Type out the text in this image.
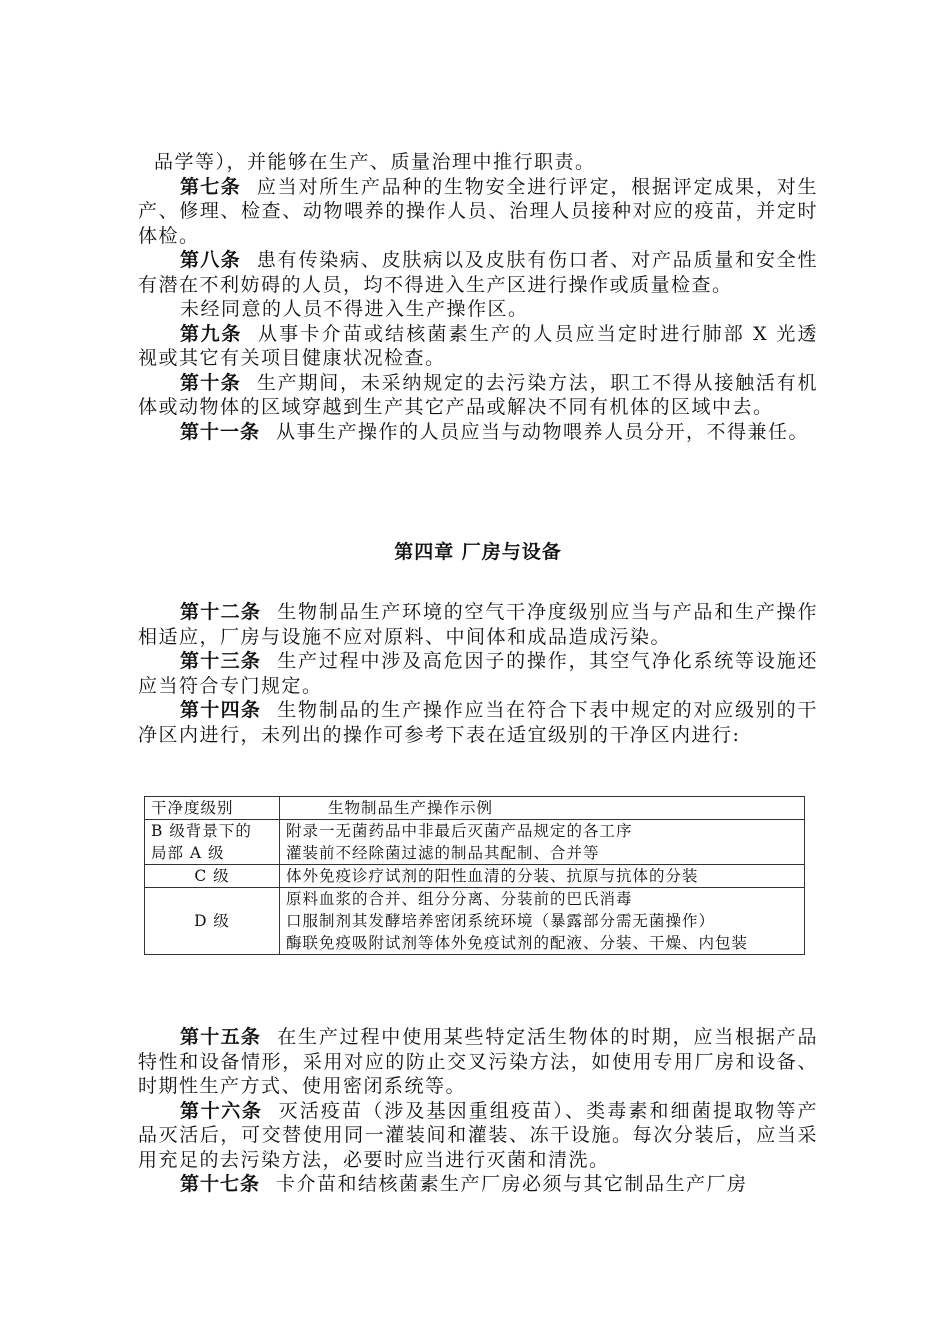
品学等），并能够在生产、质量治理中推行职责。

第七条 应当对所生产品种的生物安全进行评定，根据评定成果，对生产、修理、检查、动物喂养的操作人员、治理人员接种对应的疫苗，并定时体检。

第八条 患有传染病、皮肤病以及皮肤有伤口者、对产品质量和安全性有潜在不利妨碍的人员，均不得进入生产区进行操作或质量检查。

未经同意的人员不得进入生产操作区。

第九条 从事卡介苗或结核菌素生产的人员应当定时进行肺部 X 光透视或其它有关项目健康状况检查。

第十条 生产期间，未采纳规定的去污染方法，职工不得从接触活有机体或动物体的区域穿越到生产其它产品或解决不同有机体的区域中去。

第十一条 从事生产操作的人员应当与动物喂养人员分开，不得兼任。

第四章 厂房与设备

第十二条 生物制品生产环境的空气干净度级别应当与产品和生产操作相适应，厂房与设施不应对原料、中间体和成品造成污染。

第十三条 生产过程中涉及高危因子的操作，其空气净化系统等设施还应当符合专门规定。

第十四条 生物制品的生产操作应当在符合下表中规定的对应级别的干净区内进行，未列出的操作可参考下表在适宜级别的干净区内进行:

干净度级别	生物制品生产操作示例

B 级背景下的
局部 A 级	附录一无菌药品中非最后灭菌产品规定的各工序
灌装前不经除菌过滤的制品其配制、合并等

C 级	体外免疫诊疗试剂的阳性血清的分装、抗原与抗体的分装

D 级	原料血浆的合并、组分分离、分装前的巴氏消毒
口服制剂其发酵培养密闭系统环境（暴露部分需无菌操作）
酶联免疫吸附试剂等体外免疫试剂的配液、分装、干燥、内包装

第十五条 在生产过程中使用某些特定活生物体的时期，应当根据产品特性和设备情形，采用对应的防止交叉污染方法，如使用专用厂房和设备、时期性生产方式、使用密闭系统等。

第十六条 灭活疫苗（涉及基因重组疫苗）、类毒素和细菌提取物等产品灭活后，可交替使用同一灌装间和灌装、冻干设施。每次分装后，应当采用充足的去污染方法，必要时应当进行灭菌和清洗。

第十七条 卡介苗和结核菌素生产厂房必须与其它制品生产厂房
